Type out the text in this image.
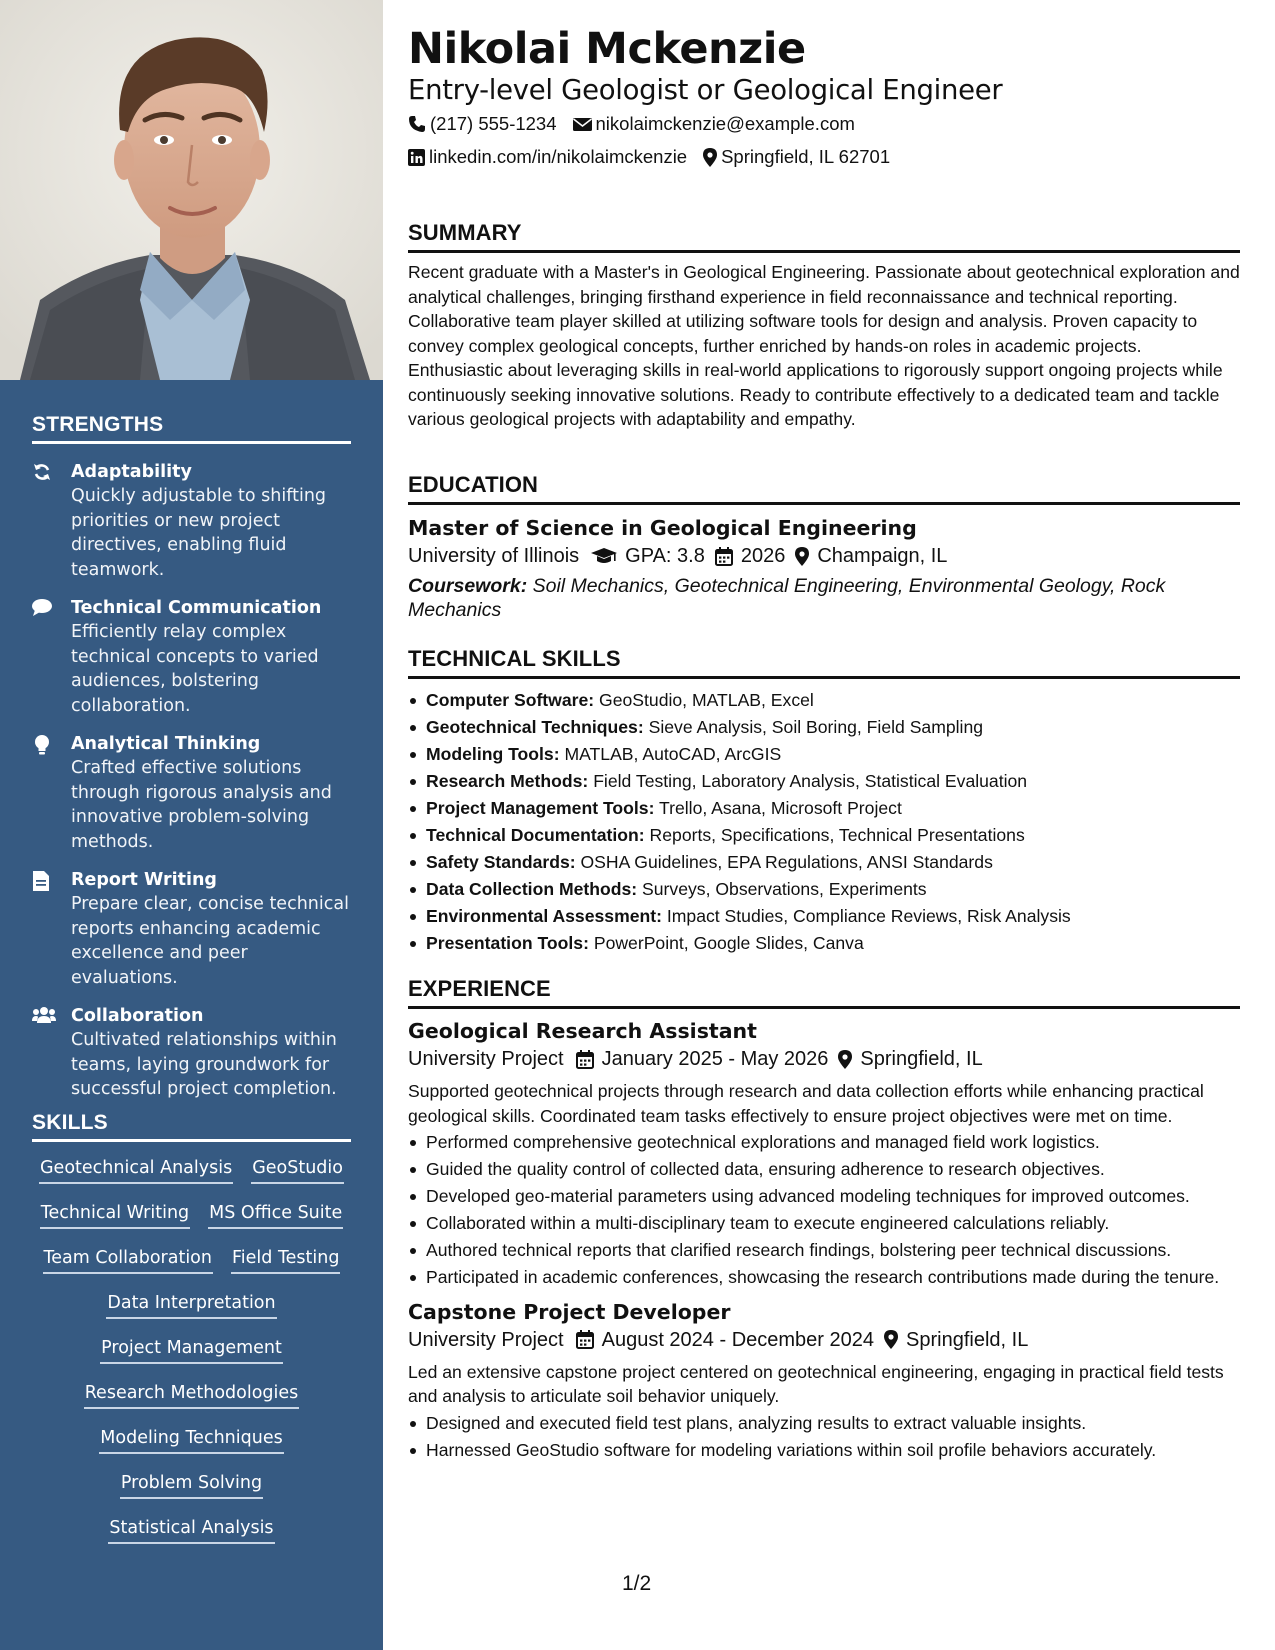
STRENGTHS
Adaptability
Quickly adjustable to shifting priorities or new project directives, enabling fluid teamwork.
Technical Communication
Efficiently relay complex technical concepts to varied audiences, bolstering collaboration.
Analytical Thinking
Crafted effective solutions through rigorous analysis and innovative problem-solving methods.
Report Writing
Prepare clear, concise technical reports enhancing academic excellence and peer evaluations.
Collaboration
Cultivated relationships within teams, laying groundwork for successful project completion.
SKILLS
Geotechnical Analysis GeoStudio
Technical Writing MS Office Suite
Team Collaboration Field Testing
Data Interpretation
Project Management
Research Methodologies
Modeling Techniques
Problem Solving
Statistical Analysis
Nikolai Mckenzie
Entry-level Geologist or Geological Engineer
(217) 555-1234 nikolaimckenzie@example.com
linkedin.com/in/nikolaimckenzie Springfield, IL 62701
SUMMARY
Recent graduate with a Master's in Geological Engineering. Passionate about geotechnical exploration and analytical challenges, bringing firsthand experience in field reconnaissance and technical reporting. Collaborative team player skilled at utilizing software tools for design and analysis. Proven capacity to convey complex geological concepts, further enriched by hands-on roles in academic projects. Enthusiastic about leveraging skills in real-world applications to rigorously support ongoing projects while continuously seeking innovative solutions. Ready to contribute effectively to a dedicated team and tackle various geological projects with adaptability and empathy.
EDUCATION
Master of Science in Geological Engineering
University of Illinois GPA: 3.8 2026 Champaign, IL
Coursework: Soil Mechanics, Geotechnical Engineering, Environmental Geology, Rock Mechanics
TECHNICAL SKILLS
Computer Software: GeoStudio, MATLAB, Excel
Geotechnical Techniques: Sieve Analysis, Soil Boring, Field Sampling
Modeling Tools: MATLAB, AutoCAD, ArcGIS
Research Methods: Field Testing, Laboratory Analysis, Statistical Evaluation
Project Management Tools: Trello, Asana, Microsoft Project
Technical Documentation: Reports, Specifications, Technical Presentations
Safety Standards: OSHA Guidelines, EPA Regulations, ANSI Standards
Data Collection Methods: Surveys, Observations, Experiments
Environmental Assessment: Impact Studies, Compliance Reviews, Risk Analysis
Presentation Tools: PowerPoint, Google Slides, Canva
EXPERIENCE
Geological Research Assistant
University Project January 2025 - May 2026 Springfield, IL
Supported geotechnical projects through research and data collection efforts while enhancing practical geological skills. Coordinated team tasks effectively to ensure project objectives were met on time.
Performed comprehensive geotechnical explorations and managed field work logistics.
Guided the quality control of collected data, ensuring adherence to research objectives.
Developed geo-material parameters using advanced modeling techniques for improved outcomes.
Collaborated within a multi-disciplinary team to execute engineered calculations reliably.
Authored technical reports that clarified research findings, bolstering peer technical discussions.
Participated in academic conferences, showcasing the research contributions made during the tenure.
Capstone Project Developer
University Project August 2024 - December 2024 Springfield, IL
Led an extensive capstone project centered on geotechnical engineering, engaging in practical field tests and analysis to articulate soil behavior uniquely.
Designed and executed field test plans, analyzing results to extract valuable insights.
Harnessed GeoStudio software for modeling variations within soil profile behaviors accurately.
1/2
